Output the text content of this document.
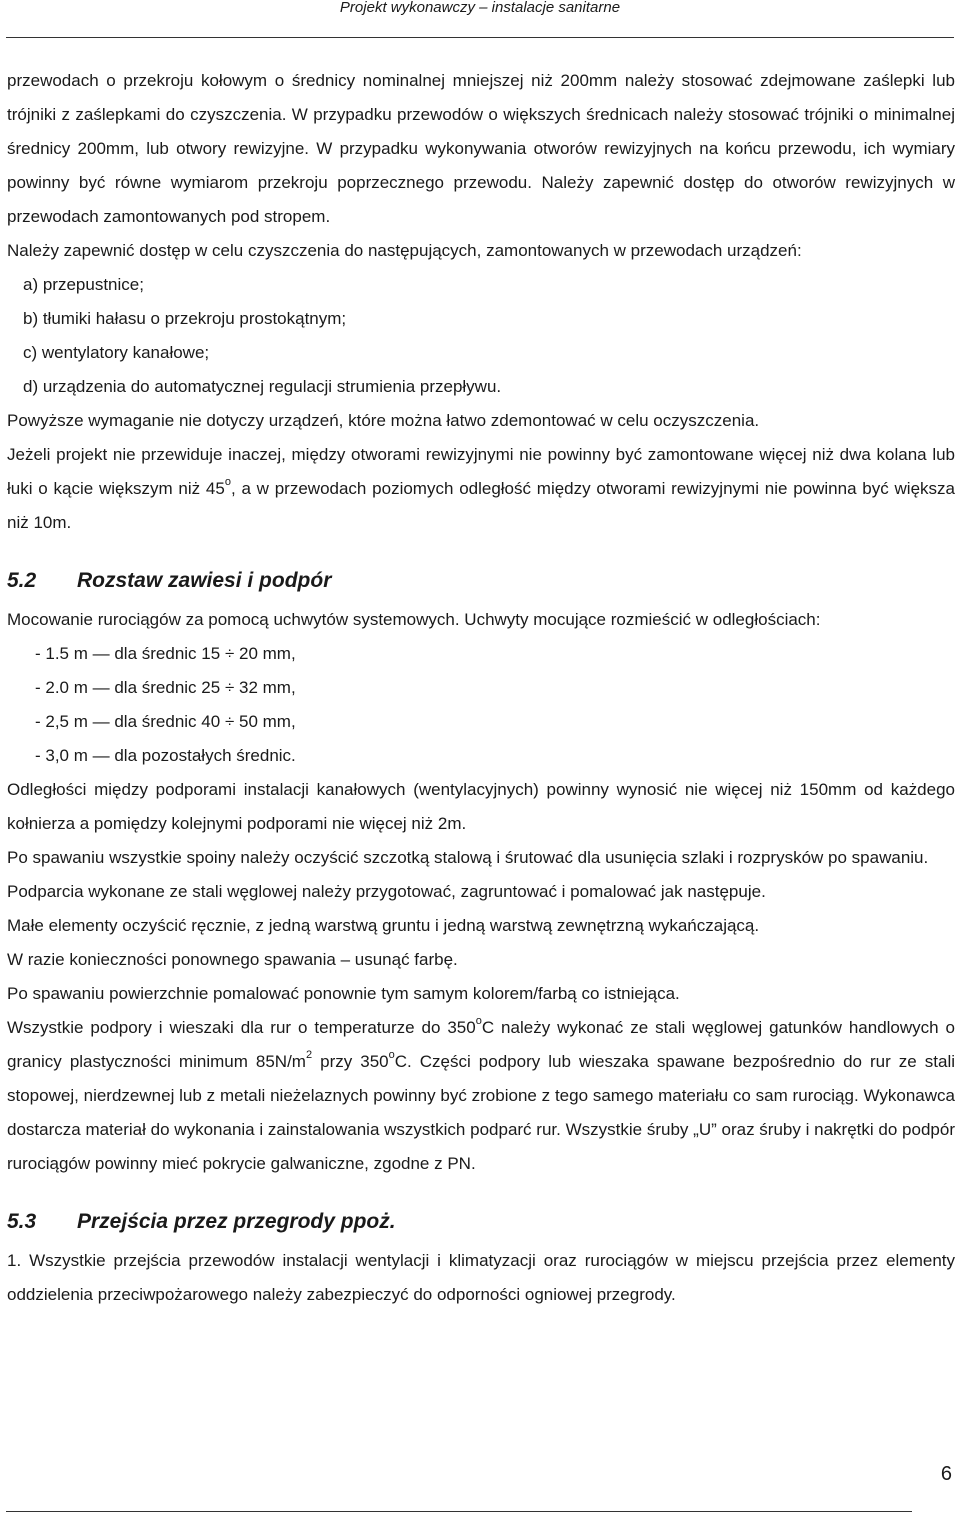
Projekt wykonawczy – instalacje sanitarne

przewodach o przekroju kołowym o średnicy nominalnej mniejszej niż 200mm należy stosować zdejmowane zaślepki lub trójniki z zaślepkami do czyszczenia. W przypadku przewodów o większych średnicach należy stosować trójniki o minimalnej średnicy 200mm, lub otwory rewizyjne. W przypadku wykonywania otworów rewizyjnych na końcu przewodu, ich wymiary powinny być równe wymiarom przekroju poprzecznego przewodu. Należy zapewnić dostęp do otworów rewizyjnych w przewodach zamontowanych pod stropem.

Należy zapewnić dostęp w celu czyszczenia do następujących, zamontowanych w przewodach urządzeń:

a) przepustnice;
b) tłumiki hałasu o przekroju prostokątnym;
c) wentylatory kanałowe;
d) urządzenia do automatycznej regulacji strumienia przepływu.

Powyższe wymaganie nie dotyczy urządzeń, które można łatwo zdemontować w celu oczyszczenia.

Jeżeli projekt nie przewiduje inaczej, między otworami rewizyjnymi nie powinny być zamontowane więcej niż dwa kolana lub łuki o kącie większym niż 45$^o$, a w przewodach poziomych odległość między otworami rewizyjnymi nie powinna być większa niż 10m.

5.2 Rozstaw zawiesi i podpór

Mocowanie rurociągów za pomocą uchwytów systemowych. Uchwyty mocujące rozmieścić w odległościach:

- 1.5 m — dla średnic 15 ÷ 20 mm,
- 2.0 m — dla średnic 25 ÷ 32 mm,
- 2,5 m — dla średnic 40 ÷ 50 mm,
- 3,0 m — dla pozostałych średnic.

Odległości między podporami instalacji kanałowych (wentylacyjnych) powinny wynosić nie więcej niż 150mm od każdego kołnierza a pomiędzy kolejnymi podporami nie więcej niż 2m.

Po spawaniu wszystkie spoiny należy oczyścić szczotką stalową i śrutować dla usunięcia szlaki i rozprysków po spawaniu.

Podparcia wykonane ze stali węglowej należy przygotować, zagruntować i pomalować jak następuje.

Małe elementy oczyścić ręcznie, z jedną warstwą gruntu i jedną warstwą zewnętrzną wykańczającą.

W razie konieczności ponownego spawania – usunąć farbę.

Po spawaniu powierzchnie pomalować ponownie tym samym kolorem/farbą co istniejąca.

Wszystkie podpory i wieszaki dla rur o temperaturze do 350$^o$C należy wykonać ze stali węglowej gatunków handlowych o granicy plastyczności minimum $85N/m^2$ przy 350$^o$C. Części podpory lub wieszaka spawane bezpośrednio do rur ze stali stopowej, nierdzewnej lub z metali nieżelaznych powinny być zrobione z tego samego materiału co sam rurociąg. Wykonawca dostarcza materiał do wykonania i zainstalowania wszystkich podparć rur. Wszystkie śruby „U” oraz śruby i nakrętki do podpór rurociągów powinny mieć pokrycie galwaniczne, zgodne z PN.

5.3 Przejścia przez przegrody ppoż.

1. Wszystkie przejścia przewodów instalacji wentylacji i klimatyzacji oraz rurociągów w miejscu przejścia przez elementy oddzielenia przeciwpożarowego należy zabezpieczyć do odporności ogniowej przegrody.

6
